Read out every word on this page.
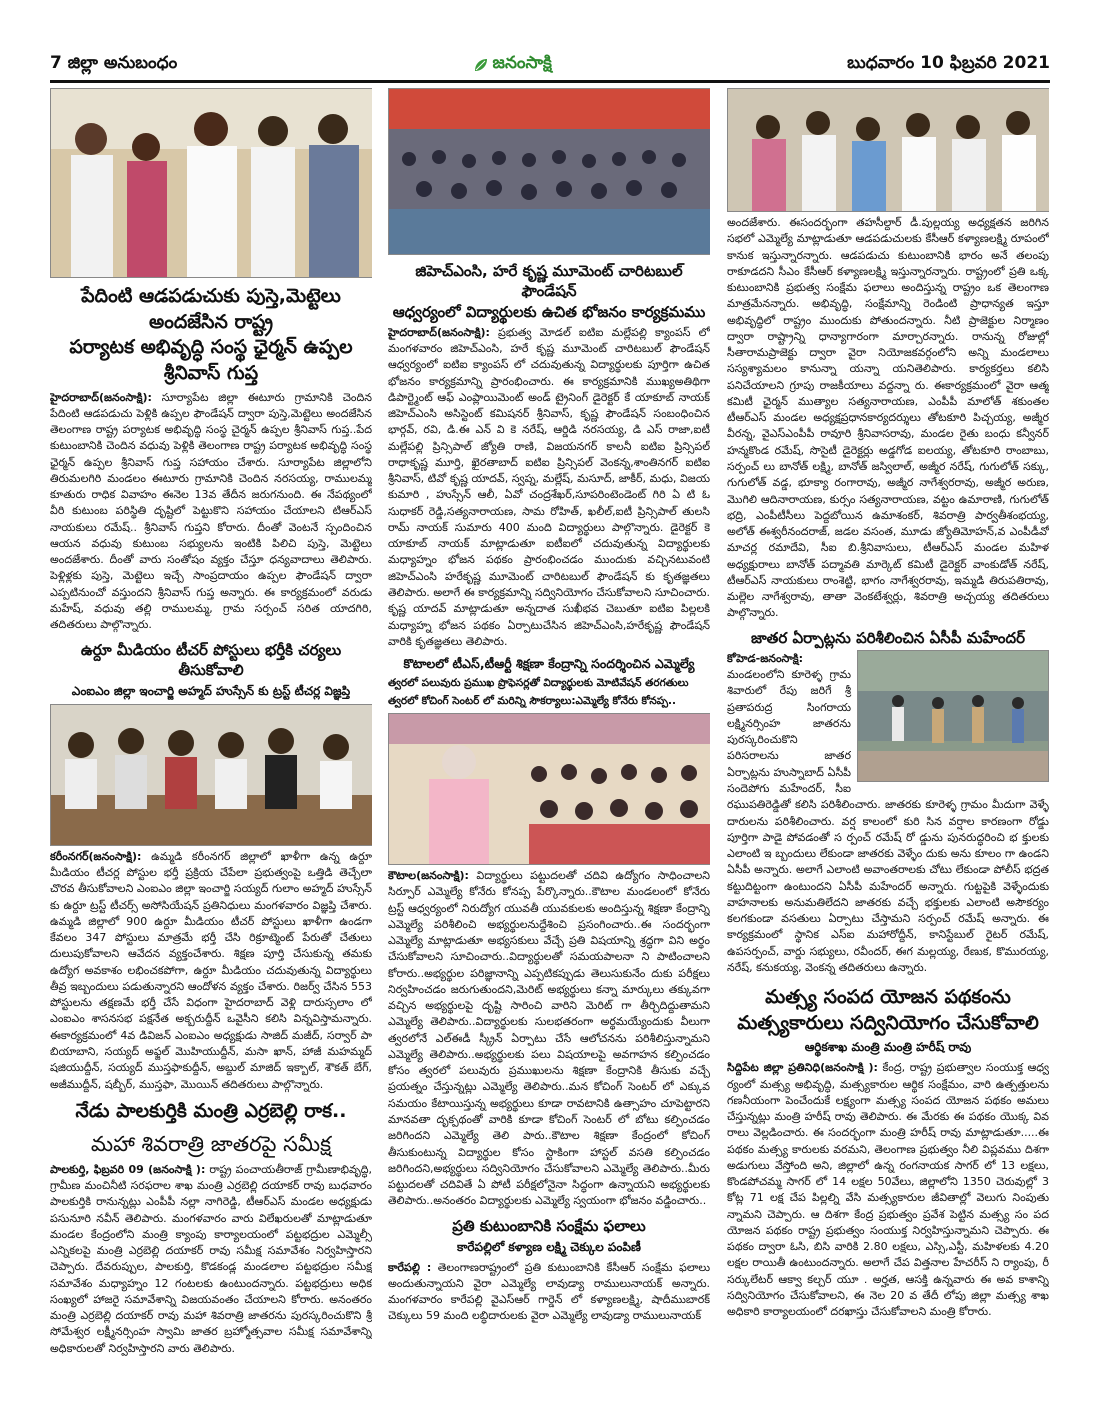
7 జిల్లా అనుబంధం	జనంసాక్షి	బుధవారం 10 ఫిబ్రవరి 2021
పేదింటి ఆడపడుచుకు పుస్తె,మెట్టెలు అందజేసిన రాష్ట్ర
పర్యాటక అభివృద్ధి సంస్థ ఛైర్మన్ ఉప్పల శ్రీనివాస్ గుప్త

హైదరాబాద్(జనంసాక్షి): సూర్యాపేట జిల్లా ఈటూరు గ్రామానికి చెందిన పేదింటి ఆడపడుచు పెళ్లికి ఉప్పల ఫౌండేషన్ ద్వారా పుస్తె,మెట్టెలు అందజేసిన తెలంగాణ రాష్ట్ర పర్యాటక అభివృద్ధి సంస్థ చైర్మన్ ఉప్పల శ్రీనివాస్ గుప్త..పేద కుటుంబానికి చెందిన వధువు పెళ్లికి తెలంగాణ రాష్ట్ర పర్యాటక అభివృద్ధి సంస్థ ఛైర్మన్ ఉప్పల శ్రీనివాస్ గుప్త సహాయం చేశారు. సూర్యాపేట జిల్లాలోని తిరుమలగిరి మండలం ఈటూరు గ్రామానికి చెందిన నరసయ్య, రాములమ్మ కూతురు రాధిక వివాహం ఈనెల 13వ తేదీన జరుగనుంది. ఈ నేపథ్యంలో వీరి కుటుంబ పరిస్థితి దృష్టిలో పెట్టుకొని సహాయం చేయాలని టిఆర్ఎస్ నాయకులు రమేష్.. శ్రీనివాస్ గుప్తని కోరారు. దీంతో వెంటనే స్పందించిన ఆయన వధువు కుటుంబ సభ్యులను ఇంటికి పిలిచి పుస్తె, మెట్టెలు అందజేశారు. దీంతో వారు సంతోషం వ్యక్తం చేస్తూ ధన్యవాదాలు తెలిపారు. పెళ్లిళ్లకు పుస్తె, మెట్టెలు ఇచ్చే సాంప్రదాయం ఉప్పల ఫౌండేషన్ ద్వారా ఎప్పటినుంచో వస్తుందని శ్రీనివాస్ గుప్త అన్నారు. ఈ కార్యక్రమంలో వరుడు మహేష్, వధువు తల్లి రాములమ్మ, గ్రామ సర్పంచ్ సరిత యాదగిరి, తదితరులు పాల్గొన్నారు.

ఉర్దూ మీడియం టీచర్ పోస్టులు భర్తీకి చర్యలు తీసుకోవాలి
ఎంఐఎం జిల్లా ఇంచార్జి అహ్మద్ హుస్సేన్ కు ట్రస్ట్ టీచర్ల విజ్ఞప్తి

కరీంనగర్(జనంసాక్షి): ఉమ్మడి కరీంనగర్ జిల్లాలో ఖాళీగా ఉన్న ఉర్దూ మీడియం టీచర్ల పోస్టుల భర్తీ ప్రక్రియ చేపేలా ప్రభుత్వంపై ఒత్తిడి తెచ్చేలా చొరవ తీసుకోవాలని ఎంఐఎం జిల్లా ఇంచార్జి సయ్యద్ గులాం అహ్మద్ హుస్సేన్ కు ఉర్దూ ట్రస్ట్ టీచర్స్ అసోసియేషన్ ప్రతినిధులు మంగళవారం విజ్ఞప్తి చేశారు. ఉమ్మడి జిల్లాలో 900 ఉర్దూ మీడియం టీచర్ పోస్టులు ఖాళీగా ఉండగా కేవలం 347 పోస్టులు మాత్రమే భర్తీ చేసి రిక్రూట్మెంట్ పేరుతో చేతులు దులుపుకోవాలని ఆవేదన వ్యక్తంచేశారు. శిక్షణ పూర్తి చేసుకున్న తమకు ఉద్యోగ అవకాశం లభించకపోగా, ఉర్దూ మీడియం చదువుతున్న విద్యార్థులు తీవ్ర ఇబ్బందులు పడుతున్నారని ఆందోళన వ్యక్తం చేశారు. రిజర్వ్ చేసిన 553 పోస్టులను తక్షణమే భర్తీ చేసే విధంగా హైదరాబాద్ వెళ్లి దారుస్సలాం లో ఎంఐఎం శాసనసభ పక్షనేత అక్బరుద్దీన్ ఒవైసీని కలిసి విన్నవిస్తామన్నారు. ఈకార్యక్రమంలో 4వ డివిజన్ ఎంఐఎం అధ్యక్షుడు సాజిద్ మజీద్, సర్వార్ పా బియాబాని, సయ్యద్ అఫ్జల్ మొహియుద్దీన్, మసా ఖాన్, హాజీ మహమ్మద్ షజియుద్దీన్, సయ్యద్ ముస్తఫాకుద్దీన్, అబ్దుల్ మాజిద్ ఇక్బాల్, శౌకత్ బేగ్, అజీముద్దీన్, షబ్బీర్, ముస్తఫా, మొయిన్ తదితరులు పాల్గొన్నారు.

నేడు పాలకుర్తికి మంత్రి ఎర్రబెల్లి రాక..
మహా శివరాత్రి జాతరపై సమీక్ష

పాలకుర్తి, ఫిబ్రవరి 09 (జనంసాక్షి ): రాష్ట్ర పంచాయతీరాజ్ గ్రామీణాభివృద్ధి, గ్రామీణ మంచినీటి సరఫరాల శాఖ మంత్రి ఎర్రబెల్లి దయాకర్ రావు బుధవారం పాలకుర్తికి రానున్నట్లు ఎంపీపీ నల్లా నాగిరెడ్డి, టీఆర్ఎస్ మండల అధ్యక్షుడు పసునూరి నవీన్ తెలిపారు. మంగళవారం వారు విలేఖరులతో మాట్లాడుతూ మండల కేంద్రంలోని మంత్రి క్యాంపు కార్యాలయంలో పట్టభద్రుల ఎమ్మెల్సీ ఎన్నికలపై మంత్రి ఎర్రబెల్లి దయాకర్ రావు సమీక్ష సమావేశం నిర్వహిస్తారని చెప్పారు. దేవరుప్పుల, పాలకుర్తి, కొడకండ్ల మండలాల పట్టభద్రుల సమీక్ష సమావేశం మధ్యాహ్నం 12 గంటలకు ఉంటుందన్నారు. పట్టభద్రులు అధిక సంఖ్యలో హాజరై సమావేశాన్ని విజయవంతం చేయాలని కోరారు. అనంతరం మంత్రి ఎర్రబెల్లి దయాకర్ రావు మహా శివరాత్రి జాతరను పురస్కరించుకొని శ్రీ సోమేశ్వర లక్ష్మీనర్సింహ స్వామి జాతర బ్రహ్మోత్సవాల సమీక్ష సమావేశాన్ని అధికారులతో నిర్వహిస్తారని వారు తెలిపారు.

జిహెచ్ఎంసి, హరే కృష్ణ మూమెంట్ చారిటబుల్ ఫౌండేషన్
ఆధ్వర్యంలో విద్యార్థులకు ఉచిత భోజనం కార్యక్రమము

హైదరాబాద్(జనంసాక్షి): ప్రభుత్వ మోడల్ ఐటిఐ మల్లేపల్లి క్యాంపస్ లో మంగళవారం జిహెచ్ఎంసి, హరే కృష్ణ మూమెంట్ చారిటబుల్ ఫౌండేషన్ ఆధ్వర్యంలో ఐటిఐ క్యాంపస్ లో చదువుతున్న విద్యార్థులకు పూర్తిగా ఉచిత భోజనం కార్యక్రమాన్ని ప్రారంభించారు. ఈ కార్యక్రమానికి ముఖ్యఅతిథిగా డిపార్ట్మెంట్ ఆఫ్ ఎంప్లాయిమెంట్ అండ్ ట్రైనింగ్ డైరెక్టర్ కే యాకూబ్ నాయక్ జిహెచ్ఎంసి అసిస్టెంట్ కమిషనర్ శ్రీనివాస్, కృష్ణ ఫౌండేషన్ సంబంధించిన భార్గవ్, రవి, డి.ఈ ఎన్ వి కె నరేష్, ఆర్డిడి నరసయ్య, డి ఎస్ రాజా,ఐటీ మల్లేపల్లి ప్రిన్సిపాల్ జ్యోతి రాణి, విజయనగర్ కాలనీ ఐటిఐ ప్రిన్సిపల్ రాధాకృష్ణ మూర్తి, ఖైరతాబాద్ ఐటిఐ ప్రిన్సిపల్ వెంకన్న,శాంతినగర్ ఐటిఐ శ్రీనివాస్, టివో కృష్ణ యాదవ్, స్వప్న, మల్లేష్, మసూద్, జాకీర్, మధు, విజయ కుమారి , హుస్సేన్ ఆలీ, ఏవో చంద్రశేఖర్,సూపరింటెండెంట్ గిరి ఏ టి ఓ సుధాకర్ రెడ్డి,సత్యనారాయణ, సామ రోహిత్, ఖలీల్,ఐటీ ప్రిన్సిపాల్ తులసి రామ్ నాయక్ సుమారు 400 మంది విద్యార్థులు పాల్గొన్నారు. డైరెక్టర్ కె యాకూబ్ నాయక్ మాట్లాడుతూ ఐటీఐలో చదువుతున్న విద్యార్థులకు మధ్యాహ్నం భోజన పథకం ప్రారంభించడం ముందుకు వచ్చినటువంటి జిహెచ్ఎంసి హరేకృష్ణ మూమెంట్ చారిటబుల్ ఫౌండేషన్ కు కృతజ్ఞతలు తెలిపారు. అలాగే ఈ కార్యక్రమాన్ని సద్వినియోగం చేసుకోవాలని సూచించారు. కృష్ణ యాదవ్ మాట్లాడుతూ అన్నదాత సుఖీభవ చెబుతూ ఐటిఐ పిల్లలకి మధ్యాహ్న భోజన పథకం ఏర్పాటుచేసిన జిహెచ్ఎంసి,హరేకృష్ణ ఫౌండేషన్ వారికి కృతజ్ఞతలు తెలిపారు.

కొటాలలో టీఎస్,టీఆర్టీ శిక్షణా కేంద్రాన్ని సందర్శించిన ఎమ్మెల్యే
త్వరలో పలువురు ప్రముఖ ప్రొఫెసర్లతో విద్యార్థులకు మోటివేషన్ తరగతులు
త్వరలో కోచింగ్ సెంటర్ లో మరిన్ని సౌకర్యాలు:ఎమ్మెల్యే కోనేరు కోనప్ప..

కౌటాల(జనంసాక్షి): విద్యార్థులు పట్టుదలతో చదివి ఉద్యోగం సాధించాలని సిర్పూర్ ఎమ్మెల్యే కోనేరు కోనప్ప పేర్కొన్నారు..కౌటాల మండలంలో కోనేరు ట్రస్ట్ ఆధ్వర్యంలో నిరుద్యోగ యువతీ యువకులకు అందిస్తున్న శిక్షణా కేంద్రాన్ని ఎమ్మెల్యే పరిశీలించి అభ్యర్థులనుద్దేశించి ప్రసంగించారు..ఈ సందర్భంగా ఎమ్మెల్యే మాట్లాడుతూ అభ్యసకులు వేచ్చే ప్రతి విషయాన్ని శ్రద్ధగా విని అర్థం చేసుకోవాలని సూచించారు..విద్యార్థులతో సమయపాలనా ని పాటించాలని కోరారు..అభ్యర్థుల పరిజ్ఞానాన్ని ఎప్పటికప్పుడు తెలుసుకునేం దుకు పరీక్షలు నిర్వహించడం జరుగుతుందని,మెరిట్ అభ్యర్థులు కన్నా మార్కులు తక్కువగా వచ్చిన అభ్యర్థులపై దృష్టి సారించి వారిని మెరిట్ గా తీర్చిదిద్దుతామని ఎమ్మెల్యే తెలిపారు..విద్యార్థులకు సులభతరంగా అర్థమయ్యేందుకు వీలుగా త్వరలోనే ఎల్ఈడీ స్క్రీన్ ఏర్పాటు చేసే ఆలోచనను పరిశీలిస్తున్నామని ఎమ్మెల్యే తెలిపారు..అభ్యర్థులకు పలు విషయాలపై అవగాహన కల్పించడం కోసం త్వరలో పలువురు ప్రముఖులను శిక్షణా కేంద్రానికి తీసుకు వచ్చే ప్రయత్నం చేస్తున్నట్లు ఎమ్మెల్యే తెలిపారు..మన కోచింగ్ సెంటర్ లో ఎక్కువ సమయం కేటాయిస్తున్న అభ్యర్థులు కూడా రావటానికి ఉత్సాహం చూపెట్టారని మానవతా దృక్పథంతో వారికి కూడా కోచింగ్ సెంటర్ లో బోటు కల్పించడం జరిగిందని ఎమ్మెల్యే తెలి పారు..కౌటాల శిక్షణా కేంద్రంలో కోచింగ్ తీసుకుంటున్న విద్యార్థుల కోసం స్టాకింగా హాస్టల్ వసతి కల్పించడం జరిగిందని,అభ్యర్థులు సద్వినియోగం చేసుకోవాలని ఎమ్మెల్యే తెలిపారు..మీరు పట్టుదలతో చదివితే ఏ పోటీ పరీక్షలోనైనా సిద్ధంగా ఉన్నాయని అభ్యర్థులకు తెలిపారు..అనంతరం విద్యార్థులకు ఎమ్మెల్యే స్వయంగా భోజనం వడ్డించారు..

ప్రతి కుటుంబానికి సంక్షేమ ఫలాలు
కారేపల్లిలో కళ్యాణ లక్ష్మి చెక్కుల పంపిణీ

కారేపల్లి : తెలంగాణరాష్ట్రంలో ప్రతి కుటుంబానికి కేసీఆర్ సంక్షేమ ఫలాలు అందుతున్నాయని వైరా ఎమ్మెల్యే లావుడ్యా రాములునాయక్ అన్నారు. మంగళవారం కారేపల్లి వైఎస్ఆర్ గార్డెన్ లో కళ్యాణలక్ష్మి, షాదీముబారక్ చెక్కులు 59 మంది లబ్ధిదారులకు వైరా ఎమ్మెల్యే లావుడ్యా రాములునాయక్

అందజేశారు. ఈసందర్భంగా తహసీల్దార్ డీ.పుల్లయ్య అధ్యక్షతన జరిగిన సభలో ఎమ్మెల్యే మాట్లాడుతూ ఆడపడుచులకు కేసీఆర్ కళ్యాణలక్ష్మి రూపంలో కానుక ఇస్తున్నారన్నారు. ఆడపడుచు కుటుంబానికి భారం అనే తలంపు రాకూడదని సీఎం కేసీఆర్ కళ్యాణలక్ష్మి ఇస్తున్నారన్నారు. రాష్ట్రంలో ప్రతి ఒక్క కుటుంబానికి ప్రభుత్వ సంక్షేమ ఫలాలు అందిస్తున్న రాష్ట్రం ఒక తెలంగాణ మాత్రమేనన్నారు. అభివృద్ధి, సంక్షేమాన్ని రెండింటి ప్రాధాన్యత ఇస్తూ అభివృద్ధిలో రాష్ట్రం ముందుకు పోతుందన్నారు. నీటి ప్రాజెక్టుల నిర్మాణం ద్వారా రాష్ట్రాన్ని ధాన్యాగారంగా మార్చారన్నారు. రానున్న రోజుల్లో సీతారామప్రాజెక్టు ద్వారా వైరా నియోజకవర్గంలోని అన్ని మండలాలు సస్యశ్యామలం కానున్నా యన్నా యనితెలిపారు. కార్యకర్తలు కలిసి పనిచేయాలని గ్రూపు రాజకీయాలు వద్దన్నా రు. ఈకార్యక్రమంలో వైరా ఆత్మ కమిటీ ఛైర్మన్ ముత్యాల సత్యనారాయణ, ఎంపీపీ మాలోత్ శకుంతల టీఆర్ఎస్ మండల అధ్యక్షప్రధానకార్యదర్శులు తోటకూరి పిచ్చయ్య, అజ్మీర వీరన్న, వైఎస్ఎంపీపీ రావూరి శ్రీనివాసరావు, మండల రైతు బంధు కన్వీనర్ హన్మకొండ రమేష్, సొసైటీ డైరెక్టర్లు అడ్డగోడ ఐలయ్య, తోటకూరి రాంబాబు, సర్పంచ్ లు బానోత్ లక్ష్మి, బానోత్ జస్విలాల్, అజ్మీర నరేష్, గుగులోత్ సక్కు, గుగులోత్ వడ్డ, భూక్యా రంగారావు, అజ్మీర నాగేశ్వరరావు, అజ్మీర అరుణ, మొగిలి ఆదినారాయణ, కుర్సం సత్యనారాయణ, వట్టం ఉమారాణి, గుగులోత్ భద్రి, ఎంపీటీసీలు పెద్దబోయిన ఉమాశంకర్, శివరాత్రి పార్వతీశంభయ్య, అలోత్ ఈశ్వరీనందరాజ్, జడల వసంత, మూడు జ్యోతిమోహన్,వ ఎంపీడీవో మాచర్ల రమాదేవి, సీఐ బి.శ్రీనివాసులు, టీఆర్ఎస్ మండల మహిళ అధ్యక్షురాలు బానోత్ పద్మావతి మార్కెట్ కమిటీ డైరెక్టర్ వాంకుడోత్ నరేష్, టీఆర్ఎస్ నాయకులు రాంశెట్టి, భాగం నాగేశ్వరరావు, ఇమ్మడి తిరుపతిరావు, మల్లెల నాగేశ్వరావు, తాతా వెంకటేశ్వర్లు, శివరాత్రి అచ్చయ్య తదితరులు పాల్గొన్నారు.

జాతర ఏర్పాట్లను పరిశీలించిన ఏసీపీ మహేందర్

కోహెడ-జనంసాక్షి: మండలంలోని కూరెళ్ళ గ్రామ శివారులో రేపు జరిగే శ్రీ ప్రతాపరుద్ర సింగరాయ లక్ష్మినర్సింహ జాతరను పురస్కరించుకొని పరిసరాలను జాతర ఏర్పాట్లను హుస్నాబాద్ ఏసీపీ సందెపోగు మహేందర్, సీఐ రఘుపతిరెడ్డితో కలిసి పరిశీలించారు. జాతరకు కూరెళ్ళ గ్రామం మీదుగా వెళ్ళే దారులను పరిశీలించారు. వర్ష కాలంలో కురి సిన వర్షాల కారణంగా రోడ్డు పూర్తిగా పాడై పోవడంతో స ర్పంచ్ రమేష్ రో డ్డును పునరుద్ధరించి భ క్తులకు ఎలాంటి ఇ బ్బందులు లేకుండా జాతరకు వెళ్ళేం దుకు అను కూలం గా ఉండని ఏసీపీ అన్నారు. అలాగే ఎలాంటి అవాంతరాలకు చోటు లేకుండా పోలీస్ భద్రత కట్టుదిట్టంగా ఉంటుందని ఏసీపీ మహేందర్ అన్నారు. గుట్టపైకి వెళ్ళేందుకు వాహనాలకు అనుమతిలేదని జాతరకు వచ్చే భక్తులకు ఎలాంటి అసౌకర్యం కలగకుండా వసతులు ఏర్పాటు చేస్తామని సర్పంచ్ రమేష్ అన్నారు. ఈ కార్యక్రమంలో స్థానిక ఎస్ఐ మహారోద్దీన్, కానిస్టేబుల్ రైటర్ రమేష్, ఉపసర్పంచ్, వార్డు సభ్యులు, రవీందర్, ఈగ మల్లయ్య, రేణుక, కొమురయ్య, నరేష్, కనుకయ్య, వెంకన్న తదితరులు ఉన్నారు.

మత్స్య సంపద యోజన పథకంను
మత్స్యకారులు సద్వినియోగం చేసుకోవాలి
ఆర్థికశాఖ మంత్రి మంత్రి హరీష్ రావు

సిద్దిపేట జిల్లా ప్రతినిధి(జనంసాక్షి ): కేంద్ర, రాష్ట్ర ప్రభుత్వాల సంయుక్త ఆధ్వ ర్యంలో మత్స్య అభివృద్ధి, మత్స్యకారుల ఆర్థిక సంక్షేమం, వారి ఉత్పత్తులను గణనీయంగా పెంచేందుకే లక్ష్యంగా మత్స్య సంపద యోజన పథకం అమలు చేస్తున్నట్లు మంత్రి హరీష్ రావు తెలిపారు. ఈ మేరకు ఈ పథకం యొక్క వివ రాలు వెల్లడించారు. ఈ సందర్భంగా మంత్రి హరీష్ రావు మాట్లాడుతూ.....ఈ పథకం మత్స్య కారులకు వరమని, తెలంగాణ ప్రభుత్వం నీలి విప్లవము దిశగా అడుగులు వేస్తోంది అని, జిల్లాలో ఉన్న రంగనాయక సాగర్ లో 13 లక్షలు, కొండపోచమ్మ సాగర్ లో 14 లక్షల 50వేలు, జిల్లాలోని 1350 చెరువుల్లో 3 కోట్ల 71 లక్ష చేప పిల్లల్ని వేసి మత్స్యకారుల జీవితాల్లో వెలుగు నింపుతు న్నామని చెప్పారు. ఆ దిశగా కేంద్ర ప్రభుత్వం ప్రవేశ పెట్టిన మత్స్య సం పద యోజన పథకం రాష్ట్ర ప్రభుత్వం సంయుక్త నిర్వహిస్తున్నామని చెప్పారు. ఈ పథకం ద్వారా ఓసి, బిసి వారికి 2.80 లక్షలు, ఎస్సి,ఎస్టీ, మహిళలకు 4.20 లక్షల రాయితీ ఉంటుందన్నారు. అలాగే చేప విత్తనాల హేచరీస్ ని ర్యాంపు, రీ సర్కులేటర్ ఆక్వా కల్చర్ యూ . అర్హత, ఆసక్తి ఉన్నవారు ఈ అవ కాశాన్ని సద్వినియోగం చేసుకోవాలని, ఈ నెల 20 వ తేదీ లోపు జిల్లా మత్స్య శాఖ అధికారి కార్యాలయంలో దరఖాస్తు చేసుకోవాలని మంత్రి కోరారు.
